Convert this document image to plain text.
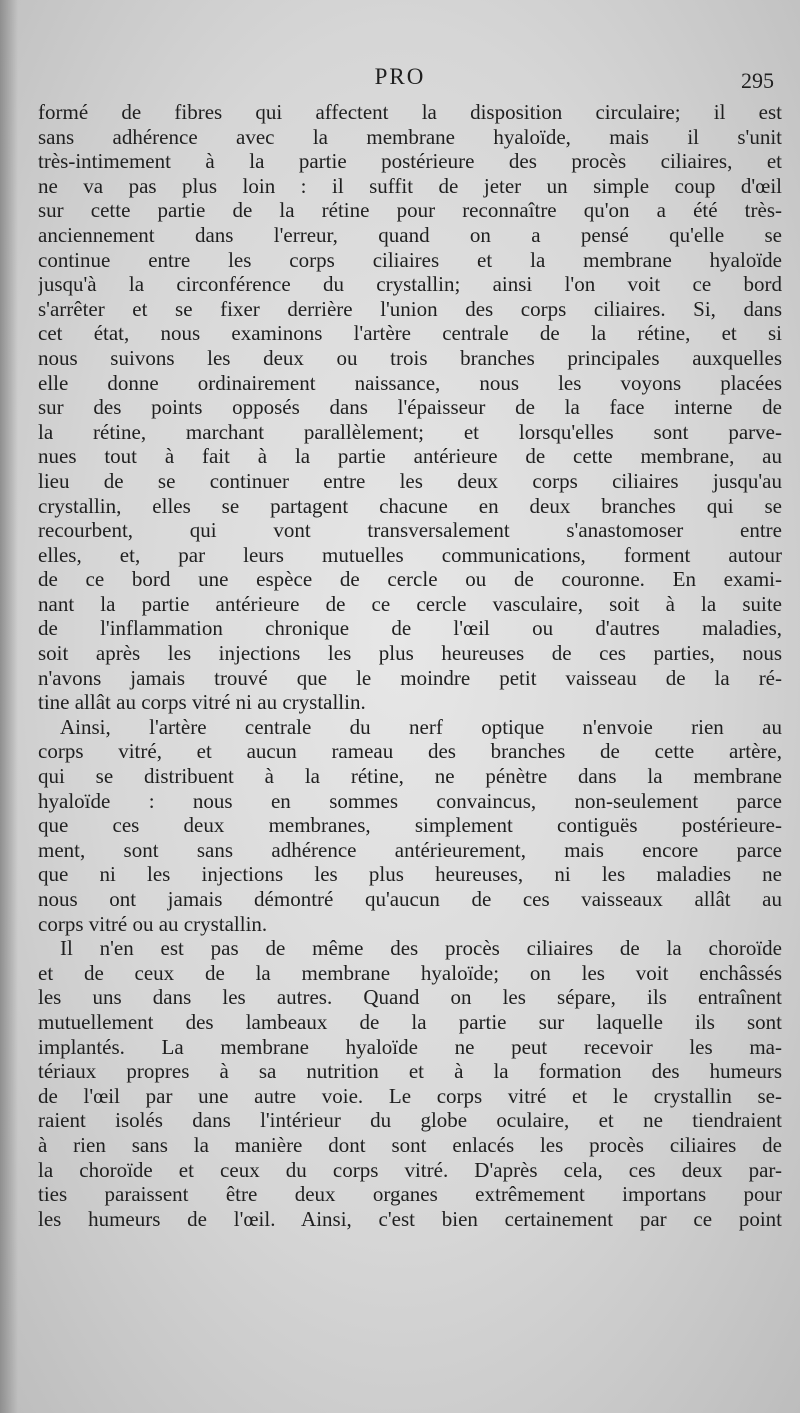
PRO	295
formé de fibres qui affectent la disposition circulaire; il est
sans adhérence avec la membrane hyaloïde, mais il s'unit
très-intimement à la partie postérieure des procès ciliaires, et
ne va pas plus loin : il suffit de jeter un simple coup d'œil
sur cette partie de la rétine pour reconnaître qu'on a été très-
anciennement dans l'erreur, quand on a pensé qu'elle se
continue entre les corps ciliaires et la membrane hyaloïde
jusqu'à la circonférence du crystallin; ainsi l'on voit ce bord
s'arrêter et se fixer derrière l'union des corps ciliaires. Si, dans
cet état, nous examinons l'artère centrale de la rétine, et si
nous suivons les deux ou trois branches principales auxquelles
elle donne ordinairement naissance, nous les voyons placées
sur des points opposés dans l'épaisseur de la face interne de
la rétine, marchant parallèlement; et lorsqu'elles sont parve-
nues tout à fait à la partie antérieure de cette membrane, au
lieu de se continuer entre les deux corps ciliaires jusqu'au
crystallin, elles se partagent chacune en deux branches qui se
recourbent, qui vont transversalement s'anastomoser entre
elles, et, par leurs mutuelles communications, forment autour
de ce bord une espèce de cercle ou de couronne. En exami-
nant la partie antérieure de ce cercle vasculaire, soit à la suite
de l'inflammation chronique de l'œil ou d'autres maladies,
soit après les injections les plus heureuses de ces parties, nous
n'avons jamais trouvé que le moindre petit vaisseau de la ré-
tine allât au corps vitré ni au crystallin.
Ainsi, l'artère centrale du nerf optique n'envoie rien au
corps vitré, et aucun rameau des branches de cette artère,
qui se distribuent à la rétine, ne pénètre dans la membrane
hyaloïde : nous en sommes convaincus, non-seulement parce
que ces deux membranes, simplement contiguës postérieure-
ment, sont sans adhérence antérieurement, mais encore parce
que ni les injections les plus heureuses, ni les maladies ne
nous ont jamais démontré qu'aucun de ces vaisseaux allât au
corps vitré ou au crystallin.
Il n'en est pas de même des procès ciliaires de la choroïde
et de ceux de la membrane hyaloïde; on les voit enchâssés
les uns dans les autres. Quand on les sépare, ils entraînent
mutuellement des lambeaux de la partie sur laquelle ils sont
implantés. La membrane hyaloïde ne peut recevoir les ma-
tériaux propres à sa nutrition et à la formation des humeurs
de l'œil par une autre voie. Le corps vitré et le crystallin se-
raient isolés dans l'intérieur du globe oculaire, et ne tiendraient
à rien sans la manière dont sont enlacés les procès ciliaires de
la choroïde et ceux du corps vitré. D'après cela, ces deux par-
ties paraissent être deux organes extrêmement importans pour
les humeurs de l'œil. Ainsi, c'est bien certainement par ce point
